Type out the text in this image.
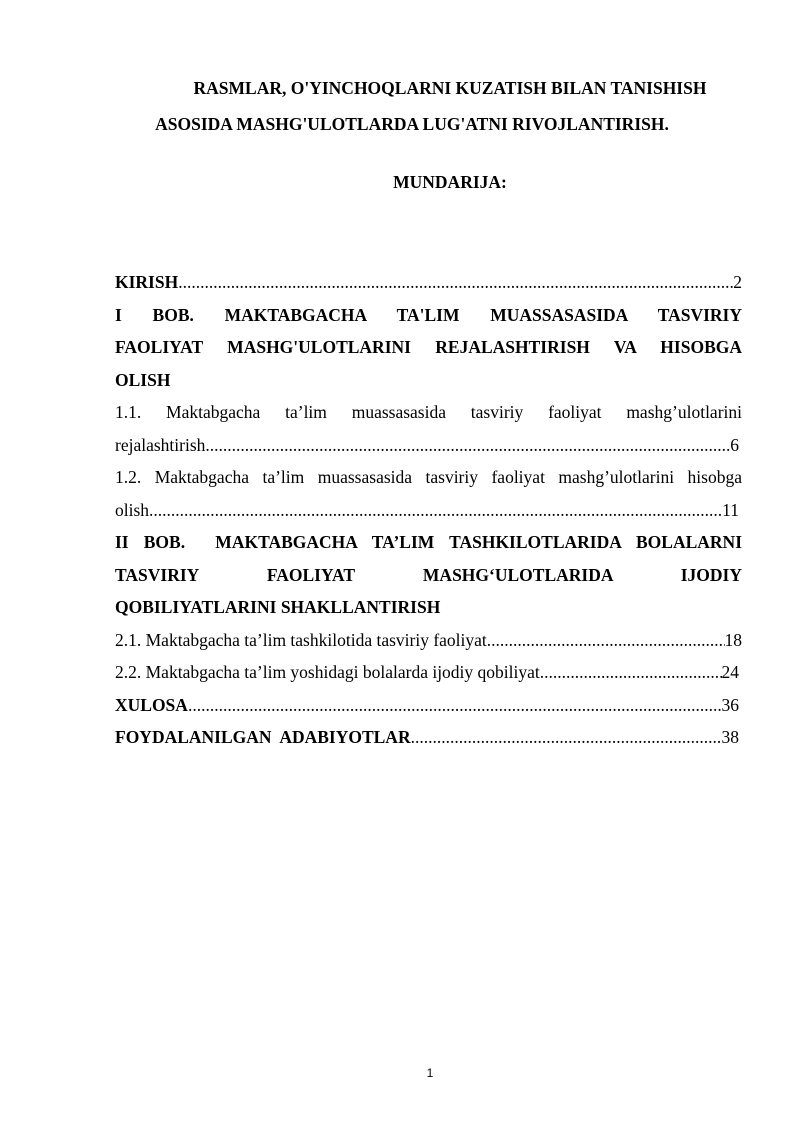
RASMLAR, O'YINCHOQLARNI KUZATISH BILAN TANISHISH
ASOSIDA MASHG'ULOTLARDA LUG'ATNI RIVOJLANTIRISH.
MUNDARIJA:
KIRISH .....	2
I BOB. MAKTABGACHA TA'LIM MUASSASASIDA TASVIRIY
FAOLIYAT MASHG'ULOTLARINI REJALASHTIRISH VA HISOBGA
OLISH
1.1. Maktabgacha ta’lim muassasasida tasviriy faoliyat mashg’ulotlarini
rejalashtirish .....	6
1.2. Maktabgacha ta’lim muassasasida tasviriy faoliyat mashg’ulotlarini hisobga
olish .....	11
II BOB.  MAKTABGACHA TA’LIM TASHKILOTLARIDA BOLALARNI
TASVIRIY FAOLIYAT MASHG‘ULOTLARIDA IJODIY
QOBILIYATLARINI SHAKLLANTIRISH
2.1. Maktabgacha ta’lim tashkilotida tasviriy faoliyat .....	18
2.2. Maktabgacha ta’lim yoshidagi bolalarda ijodiy qobiliyat .....	24
XULOSA .....	36
FOYDALANILGAN  ADABIYOTLAR .....	38
1
